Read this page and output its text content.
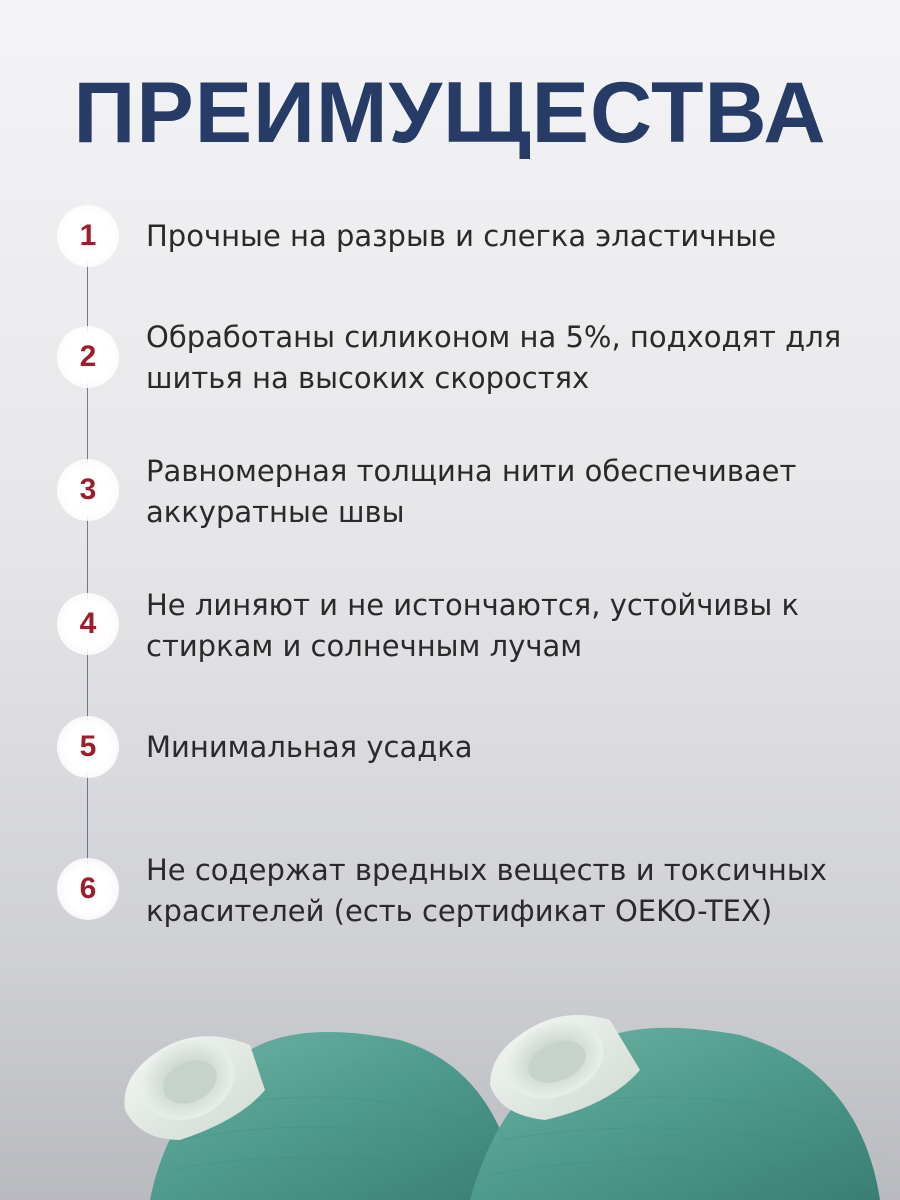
ПРЕИМУЩЕСТВА
1	Прочные на разрыв и слегка эластичные

2

Обработаны силиконом на 5%, подходят для шитья на высоких скоростях

3

Равномерная толщина нити обеспечивает аккуратные швы

4

Не линяют и не истончаются, устойчивы к стиркам и солнечным лучам

5	Минимальная усадка

6

Не содержат вредных веществ и токсичных красителей (есть сертификат OEKO-TEX)
